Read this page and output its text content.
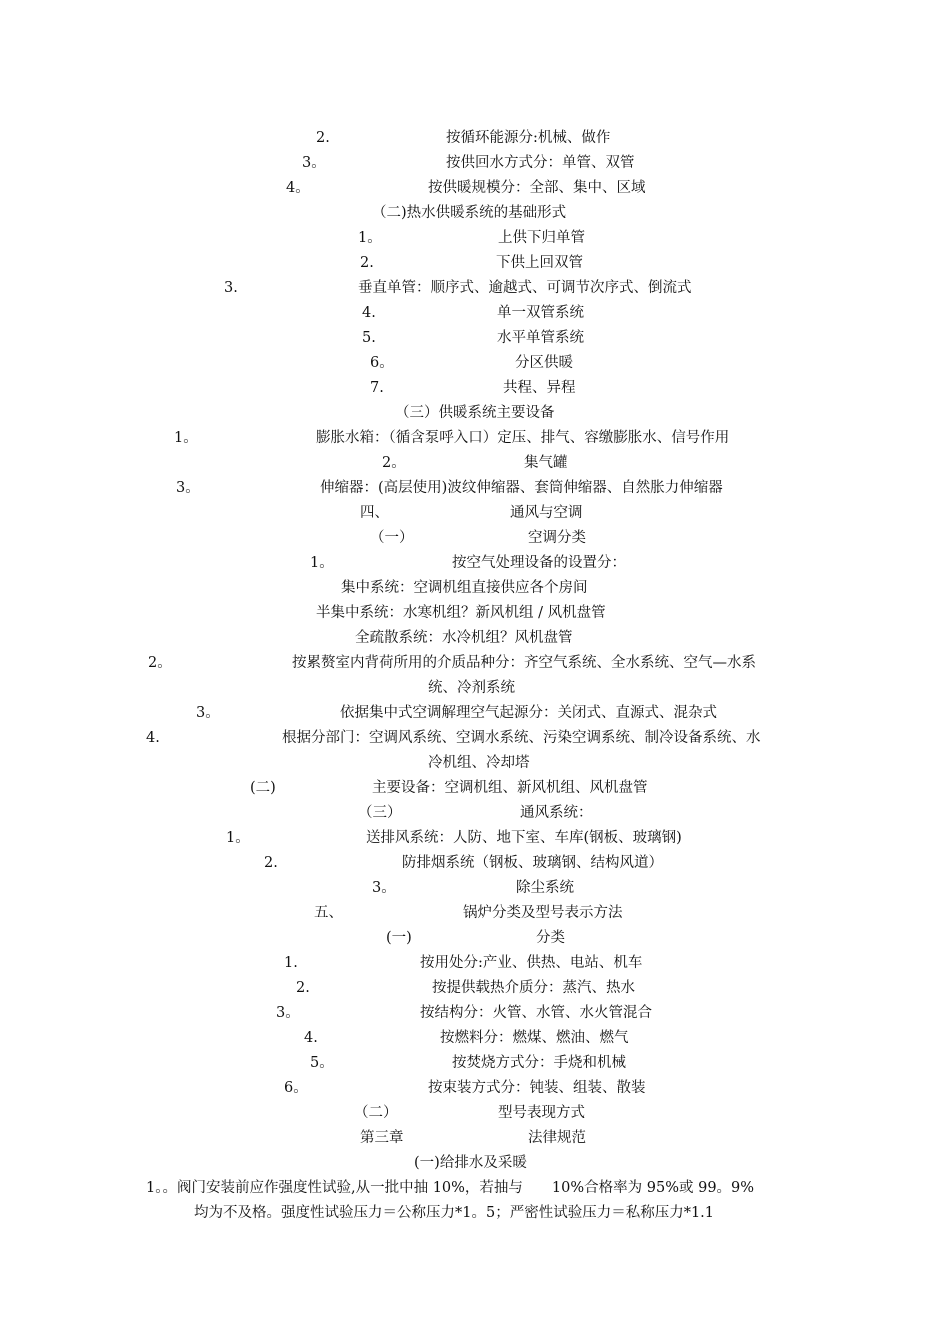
2.	按循环能源分:机械、做作
3。	按供回水方式分：单管、双管
4。	按供暖规模分：全部、集中、区域
（二)热水供暖系统的基础形式
1。	上供下归单管
2.	下供上回双管
3.	垂直单管：顺序式、逾越式、可调节次序式、倒流式
4.	单一双管系统
5.	水平单管系统
6。	分区供暖
7.	共程、异程
（三）供暖系统主要设备
1。	膨胀水箱：（循含泵呼入口）定压、排气、容缴膨胀水、信号作用
2。	集气罐
3。	伸缩器：(高层使用)波纹伸缩器、套筒伸缩器、自然胀力伸缩器
四、	通风与空调
（一）	空调分类
1。	按空气处理设备的设置分：
集中系统：空调机组直接供应各个房间
半集中系统：水寒机组？新风机组 / 风机盘管
全疏散系统：水冷机组？风机盘管
2。	按累赘室内背荷所用的介质品种分：齐空气系统、全水系统、空气—水系
统、冷剂系统
3。	依据集中式空调解理空气起源分：关闭式、直源式、混杂式
4.	根据分部门：空调风系统、空调水系统、污染空调系统、制冷设备系统、水
冷机组、冷却塔
(二)	主要设备：空调机组、新风机组、风机盘管
（三）	通风系统：
1。	送排风系统：人防、地下室、车库(钢板、玻璃钢)
2.	防排烟系统（钢板、玻璃钢、结构风道）
3。	除尘系统
五、	锅炉分类及型号表示方法
(一)	分类
1.	按用处分:产业、供热、电站、机车
2.	按提供载热介质分：蒸汽、热水
3。	按结构分：火管、水管、水火管混合
4.	按燃料分：燃煤、燃油、燃气
5。	按焚烧方式分：手烧和机械
6。	按束装方式分：钝装、组装、散装
（二）	型号表现方式
第三章	法律规范
(一)给排水及采暖
1。。阀门安装前应作强度性试验,从一批中抽 10%，若抽与　　10%合格率为 95%或 99。9%
均为不及格。强度性试验压力＝公称压力*1。5；严密性试验压力＝私称压力*1.1
